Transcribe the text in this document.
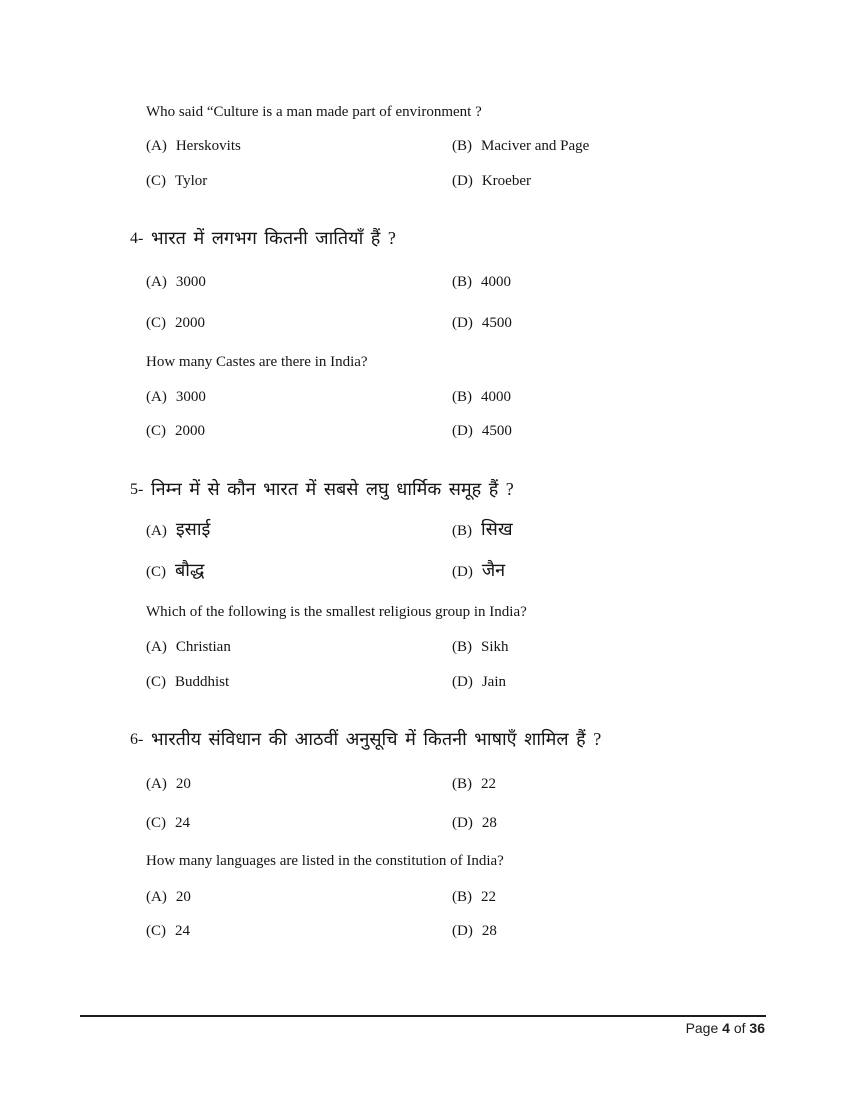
Who said “Culture is a man made part of environment ?
(A) Herskovits	(B) Maciver and Page
(C) Tylor	(D) Kroeber
4- भारत में लगभग कितनी जातियाँ हैं ?
(A) 3000	(B) 4000
(C) 2000	(D) 4500
How many Castes are there in India?
(A) 3000	(B) 4000
(C) 2000	(D) 4500
5- निम्न में से कौन भारत में सबसे लघु धार्मिक समूह हैं ?
(A) इसाई	(B) सिख
(C) बौद्ध	(D) जैन
Which of the following is the smallest religious group in India?
(A) Christian	(B) Sikh
(C) Buddhist	(D) Jain
6- भारतीय संविधान की आठवीं अनुसूचि में कितनी भाषाएँ शामिल हैं ?
(A) 20	(B) 22
(C) 24	(D) 28
How many languages are listed in the constitution of India?
(A) 20	(B) 22
(C) 24	(D) 28
Page 4 of 36
